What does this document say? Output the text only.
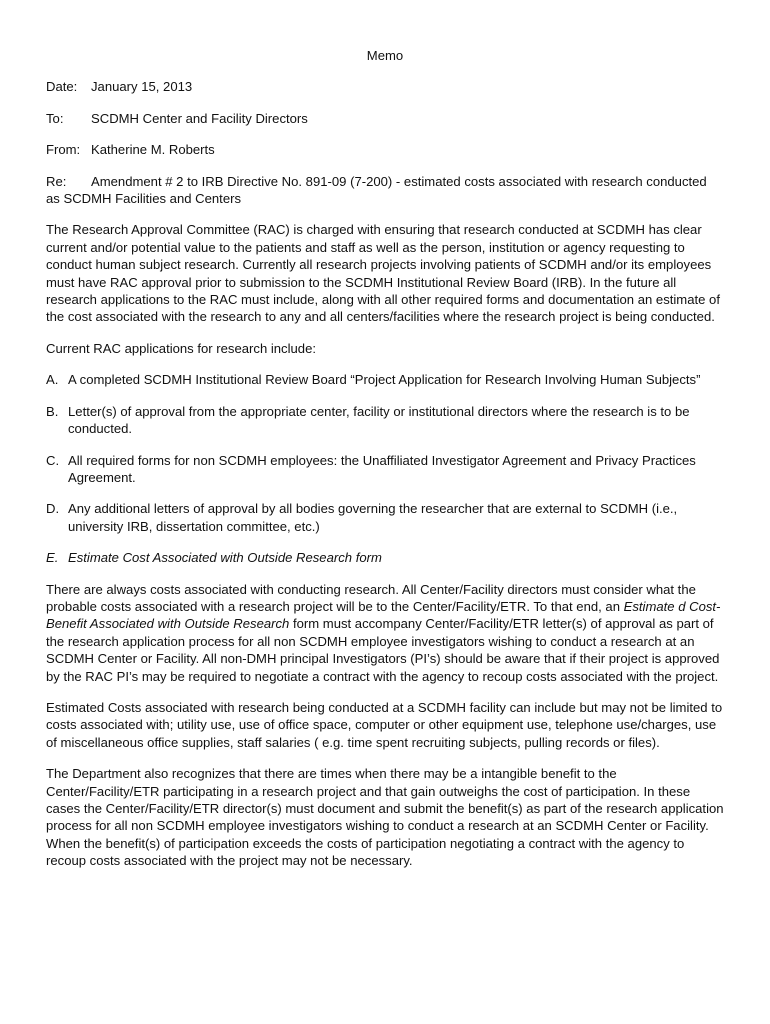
Memo
Date:	January 15, 2013
To:	SCDMH Center and Facility Directors
From: Katherine M. Roberts
Re: Amendment # 2 to IRB Directive No. 891-09 (7-200) - estimated costs associated with research conducted as SCDMH Facilities and Centers

The Research Approval Committee (RAC) is charged with ensuring that research conducted at SCDMH has clear current and/or potential value to the patients and staff as well as the person, institution or agency requesting to conduct human subject research. Currently all research projects involving patients of SCDMH and/or its employees must have RAC approval prior to submission to the SCDMH Institutional Review Board (IRB). In the future all research applications to the RAC must include, along with all other required forms and documentation an estimate of the cost associated with the research to any and all centers/facilities where the research project is being conducted.

Current RAC applications for research include:

A. A completed SCDMH Institutional Review Board “Project Application for Research Involving Human Subjects”
B. Letter(s) of approval from the appropriate center, facility or institutional directors where the research is to be conducted.
C. All required forms for non SCDMH employees: the Unaffiliated Investigator Agreement and Privacy Practices Agreement.
D. Any additional letters of approval by all bodies governing the researcher that are external to SCDMH (i.e., university IRB, dissertation committee, etc.)
E. Estimate Cost Associated with Outside Research form

There are always costs associated with conducting research. All Center/Facility directors must consider what the probable costs associated with a research project will be to the Center/Facility/ETR. To that end, an Estimate d Cost-Benefit Associated with Outside Research form must accompany Center/Facility/ETR letter(s) of approval as part of the research application process for all non SCDMH employee investigators wishing to conduct a research at an SCDMH Center or Facility. All non-DMH principal Investigators (PI’s) should be aware that if their project is approved by the RAC PI’s may be required to negotiate a contract with the agency to recoup costs associated with the project.

Estimated Costs associated with research being conducted at a SCDMH facility can include but may not be limited to costs associated with; utility use, use of office space, computer or other equipment use, telephone use/charges, use of miscellaneous office supplies, staff salaries ( e.g. time spent recruiting subjects, pulling records or files).

The Department also recognizes that there are times when there may be a intangible benefit to the Center/Facility/ETR participating in a research project and that gain outweighs the cost of participation. In these cases the Center/Facility/ETR director(s) must document and submit the benefit(s) as part of the research application process for all non SCDMH employee investigators wishing to conduct a research at an SCDMH Center or Facility. When the benefit(s) of participation exceeds the costs of participation negotiating a contract with the agency to recoup costs associated with the project may not be necessary.
